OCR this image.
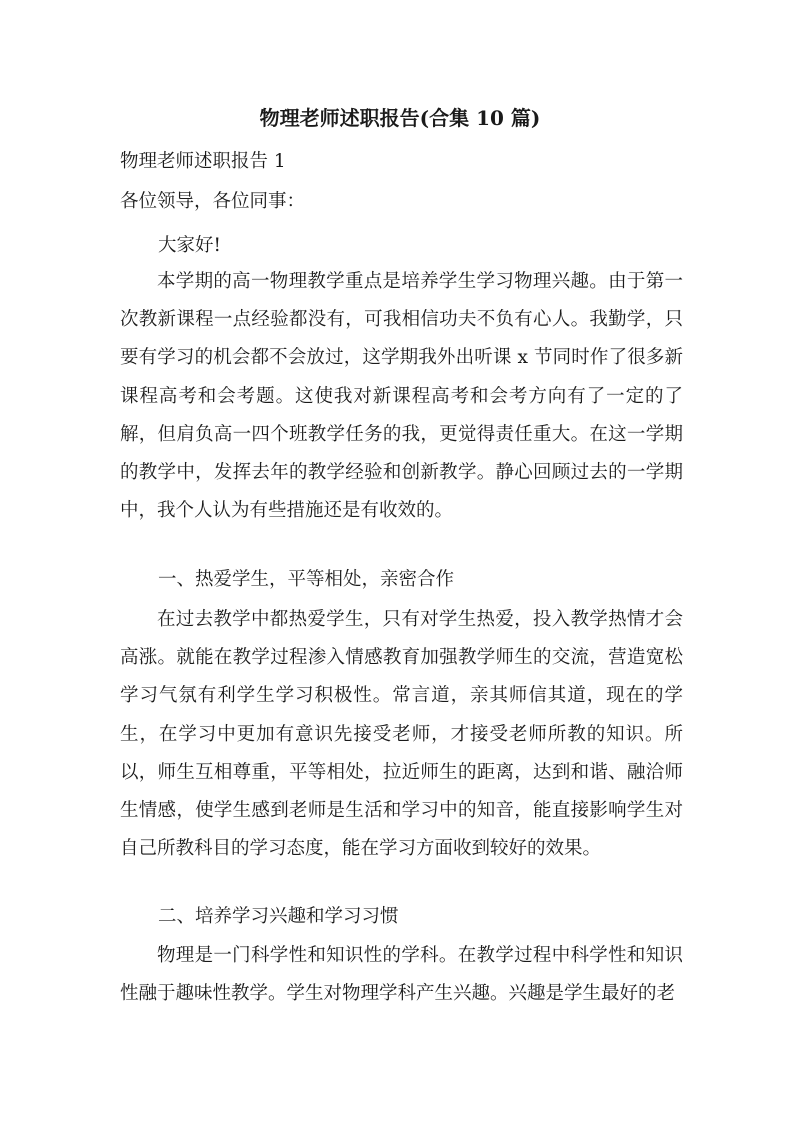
物理老师述职报告(合集 10 篇)
物理老师述职报告 1
各位领导，各位同事：
大家好!

本学期的高一物理教学重点是培养学生学习物理兴趣。由于第一次教新课程一点经验都没有，可我相信功夫不负有心人。我勤学，只要有学习的机会都不会放过，这学期我外出听课 x 节同时作了很多新课程高考和会考题。这使我对新课程高考和会考方向有了一定的了解，但肩负高一四个班教学任务的我，更觉得责任重大。在这一学期的教学中，发挥去年的教学经验和创新教学。静心回顾过去的一学期中，我个人认为有些措施还是有收效的。

一、热爱学生，平等相处，亲密合作

在过去教学中都热爱学生，只有对学生热爱，投入教学热情才会高涨。就能在教学过程渗入情感教育加强教学师生的交流，营造宽松学习气氛有利学生学习积极性。常言道，亲其师信其道，现在的学生，在学习中更加有意识先接受老师，才接受老师所教的知识。所以，师生互相尊重，平等相处，拉近师生的距离，达到和谐、融洽师生情感，使学生感到老师是生活和学习中的知音，能直接影响学生对自己所教科目的学习态度，能在学习方面收到较好的效果。

二、培养学习兴趣和学习习惯

物理是一门科学性和知识性的学科。在教学过程中科学性和知识性融于趣味性教学。学生对物理学科产生兴趣。兴趣是学生最好的老
